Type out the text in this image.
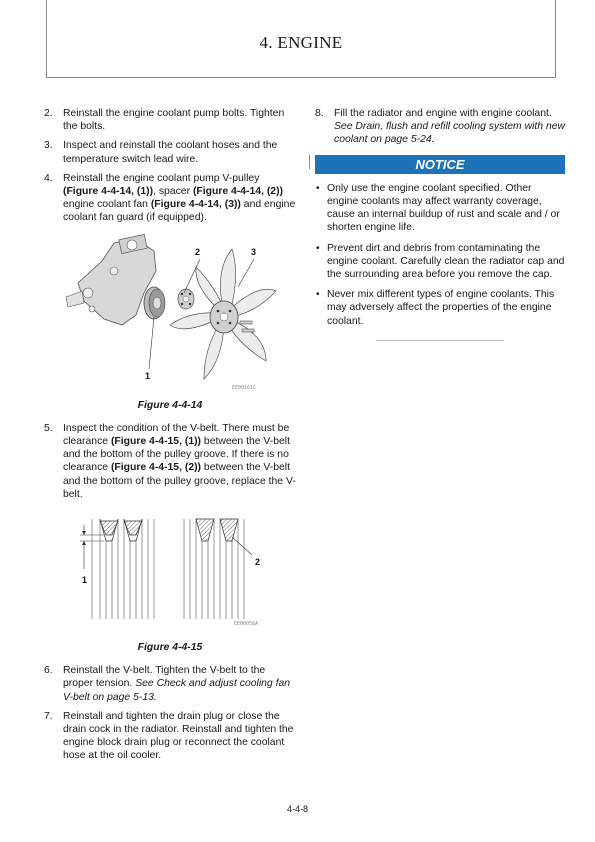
4. ENGINE
2. Reinstall the engine coolant pump bolts. Tighten the bolts.
3. Inspect and reinstall the coolant hoses and the temperature switch lead wire.
4. Reinstall the engine coolant pump V-pulley (Figure 4-4-14, (1)), spacer (Figure 4-4-14, (2)) engine coolant fan (Figure 4-4-14, (3)) and engine coolant fan guard (if equipped).
2	3
1
EE00161C
Figure 4-4-14
5. Inspect the condition of the V-belt. There must be clearance (Figure 4-4-15, (1)) between the V-belt and the bottom of the pulley groove. If there is no clearance (Figure 4-4-15, (2)) between the V-belt and the bottom of the pulley groove, replace the V-belt.
1
2
EE00058A
Figure 4-4-15
6. Reinstall the V-belt. Tighten the V-belt to the proper tension. See Check and adjust cooling fan V-belt on page 5-13.
7. Reinstall and tighten the drain plug or close the drain cock in the radiator. Reinstall and tighten the engine block drain plug or reconnect the coolant hose at the oil cooler.
8. Fill the radiator and engine with engine coolant. See Drain, flush and refill cooling system with new coolant on page 5-24.
NOTICE
• Only use the engine coolant specified. Other engine coolants may affect warranty coverage, cause an internal buildup of rust and scale and / or shorten engine life.
• Prevent dirt and debris from contaminating the engine coolant. Carefully clean the radiator cap and the surrounding area before you remove the cap.
• Never mix different types of engine coolants. This may adversely affect the properties of the engine coolant.
4-4-8
